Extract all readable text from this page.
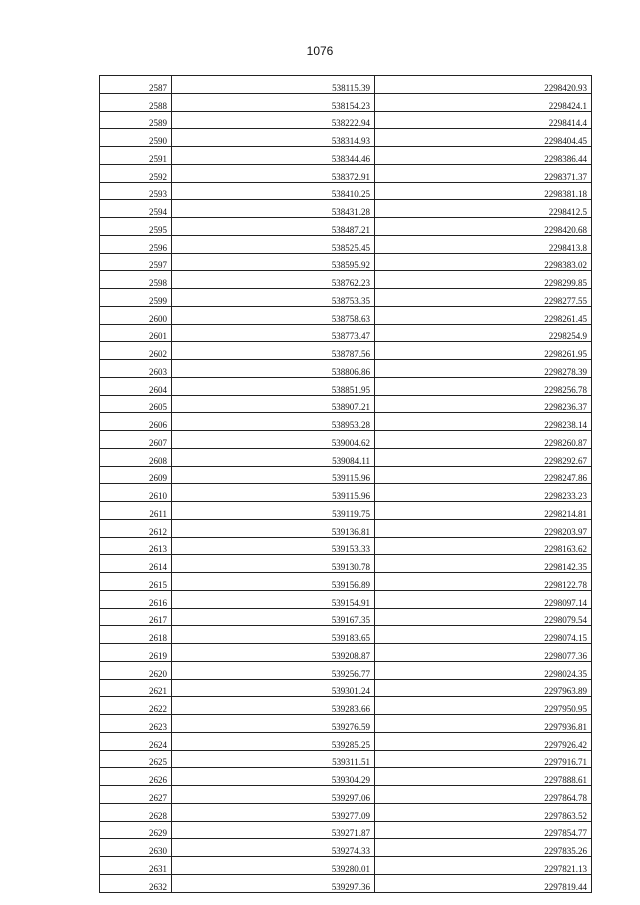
1076
2587	538115.39	2298420.93
2588	538154.23	2298424.1
2589	538222.94	2298414.4
2590	538314.93	2298404.45
2591	538344.46	2298386.44
2592	538372.91	2298371.37
2593	538410.25	2298381.18
2594	538431.28	2298412.5
2595	538487.21	2298420.68
2596	538525.45	2298413.8
2597	538595.92	2298383.02
2598	538762.23	2298299.85
2599	538753.35	2298277.55
2600	538758.63	2298261.45
2601	538773.47	2298254.9
2602	538787.56	2298261.95
2603	538806.86	2298278.39
2604	538851.95	2298256.78
2605	538907.21	2298236.37
2606	538953.28	2298238.14
2607	539004.62	2298260.87
2608	539084.11	2298292.67
2609	539115.96	2298247.86
2610	539115.96	2298233.23
2611	539119.75	2298214.81
2612	539136.81	2298203.97
2613	539153.33	2298163.62
2614	539130.78	2298142.35
2615	539156.89	2298122.78
2616	539154.91	2298097.14
2617	539167.35	2298079.54
2618	539183.65	2298074.15
2619	539208.87	2298077.36
2620	539256.77	2298024.35
2621	539301.24	2297963.89
2622	539283.66	2297950.95
2623	539276.59	2297936.81
2624	539285.25	2297926.42
2625	539311.51	2297916.71
2626	539304.29	2297888.61
2627	539297.06	2297864.78
2628	539277.09	2297863.52
2629	539271.87	2297854.77
2630	539274.33	2297835.26
2631	539280.01	2297821.13
2632	539297.36	2297819.44
